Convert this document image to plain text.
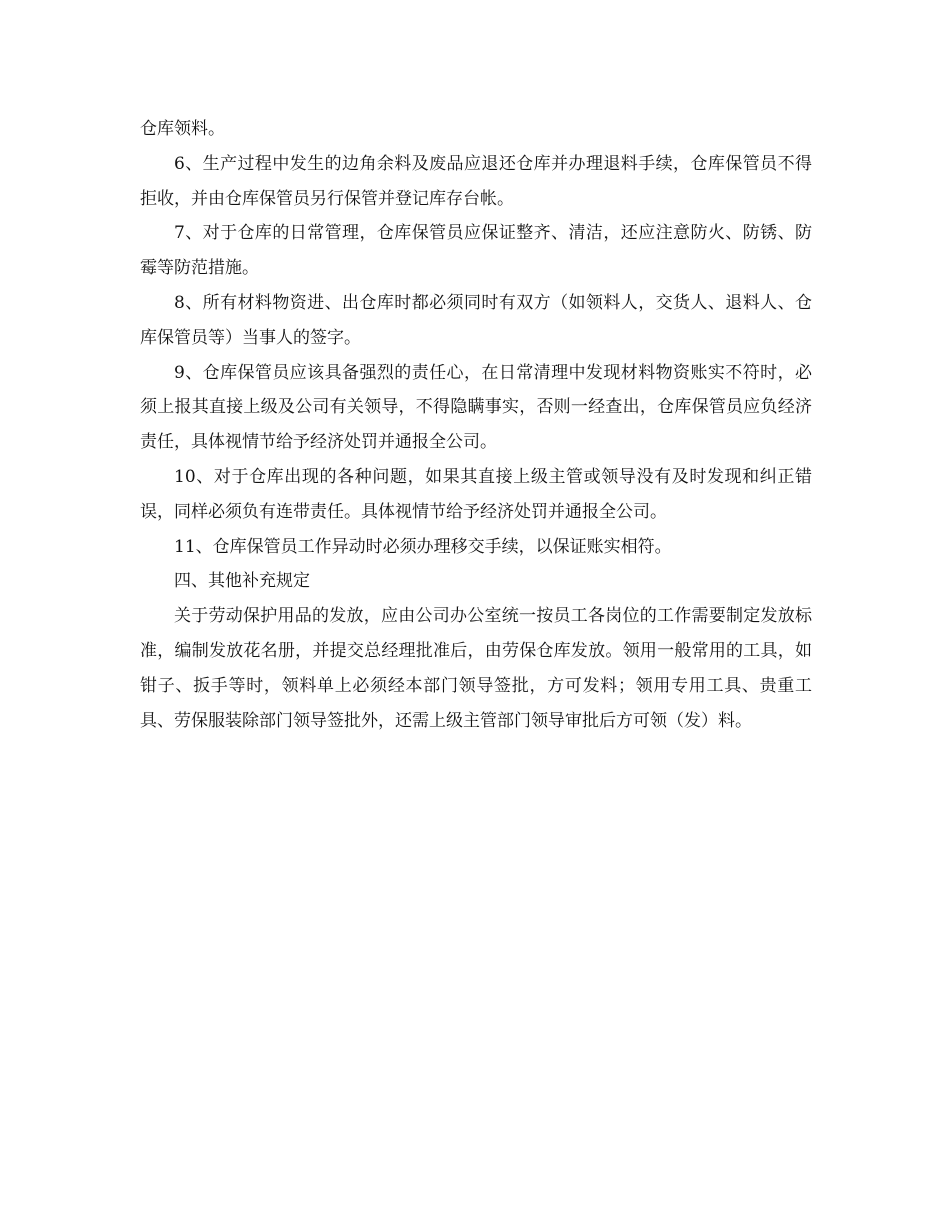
仓库领料。

6、生产过程中发生的边角余料及废品应退还仓库并办理退料手续，仓库保管员不得拒收，并由仓库保管员另行保管并登记库存台帐。

7、对于仓库的日常管理，仓库保管员应保证整齐、清洁，还应注意防火、防锈、防霉等防范措施。

8、所有材料物资进、出仓库时都必须同时有双方（如领料人，交货人、退料人、仓库保管员等）当事人的签字。

9、仓库保管员应该具备强烈的责任心，在日常清理中发现材料物资账实不符时，必须上报其直接上级及公司有关领导，不得隐瞒事实，否则一经查出，仓库保管员应负经济责任，具体视情节给予经济处罚并通报全公司。

10、对于仓库出现的各种问题，如果其直接上级主管或领导没有及时发现和纠正错误，同样必须负有连带责任。具体视情节给予经济处罚并通报全公司。

11、仓库保管员工作异动时必须办理移交手续，以保证账实相符。

四、其他补充规定

关于劳动保护用品的发放，应由公司办公室统一按员工各岗位的工作需要制定发放标准，编制发放花名册，并提交总经理批准后，由劳保仓库发放。领用一般常用的工具，如钳子、扳手等时，领料单上必须经本部门领导签批，方可发料；领用专用工具、贵重工具、劳保服装除部门领导签批外，还需上级主管部门领导审批后方可领（发）料。
